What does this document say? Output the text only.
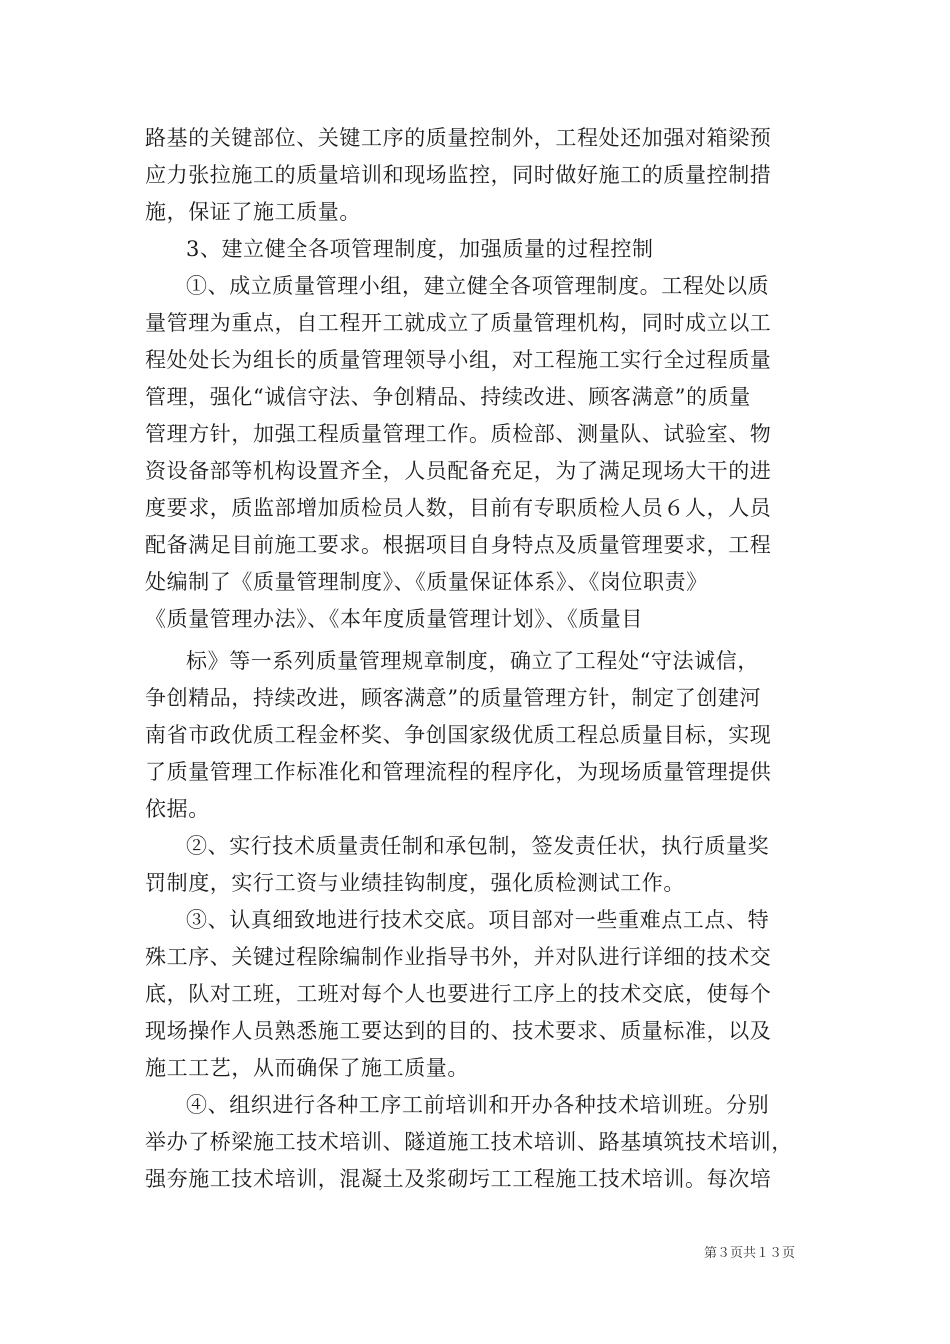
路基的关键部位、关键工序的质量控制外，工程处还加强对箱梁预
应力张拉施工的质量培训和现场监控，同时做好施工的质量控制措
施，保证了施工质量。
3、建立健全各项管理制度，加强质量的过程控制
①、成立质量管理小组，建立健全各项管理制度。工程处以质
量管理为重点，自工程开工就成立了质量管理机构，同时成立以工
程处处长为组长的质量管理领导小组，对工程施工实行全过程质量
管理，强化“诚信守法、争创精品、持续改进、顾客满意”的质量
管理方针，加强工程质量管理工作。质检部、测量队、试验室、物
资设备部等机构设置齐全，人员配备充足，为了满足现场大干的进
度要求，质监部增加质检员人数，目前有专职质检人员６人，人员
配备满足目前施工要求。根据项目自身特点及质量管理要求，工程
处编制了《质量管理制度》、《质量保证体系》、《岗位职责》
《质量管理办法》、《本年度质量管理计划》、《质量目
标》等一系列质量管理规章制度，确立了工程处“守法诚信，
争创精品，持续改进，顾客满意”的质量管理方针，制定了创建河
南省市政优质工程金杯奖、争创国家级优质工程总质量目标，实现
了质量管理工作标准化和管理流程的程序化，为现场质量管理提供
依据。
②、实行技术质量责任制和承包制，签发责任状，执行质量奖
罚制度，实行工资与业绩挂钩制度，强化质检测试工作。
③、认真细致地进行技术交底。项目部对一些重难点工点、特
殊工序、关键过程除编制作业指导书外，并对队进行详细的技术交
底，队对工班，工班对每个人也要进行工序上的技术交底，使每个
现场操作人员熟悉施工要达到的目的、技术要求、质量标准，以及
施工工艺，从而确保了施工质量。
④、组织进行各种工序工前培训和开办各种技术培训班。分别
举办了桥梁施工技术培训、隧道施工技术培训、路基填筑技术培训，
强夯施工技术培训，混凝土及浆砌圬工工程施工技术培训。每次培
第３页共１３页
